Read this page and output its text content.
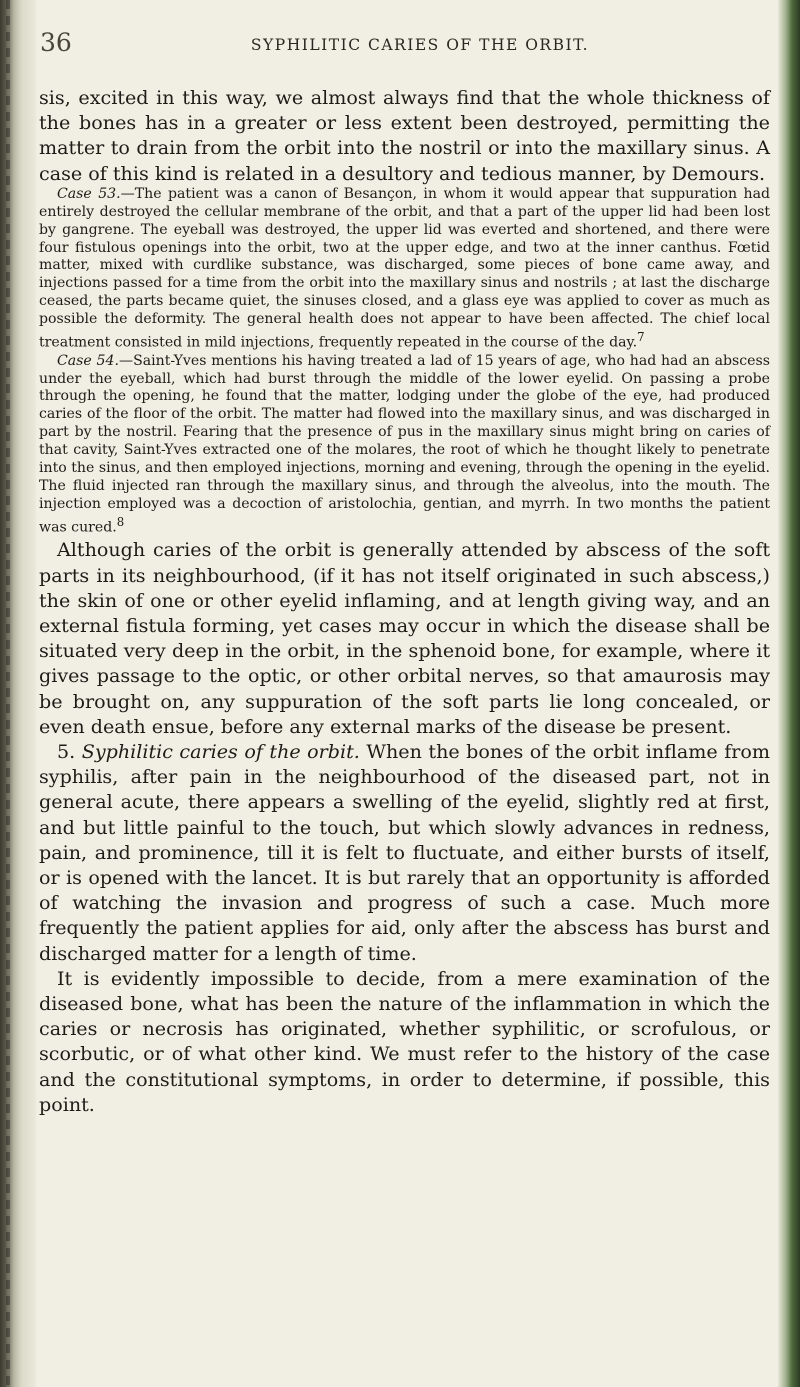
36	SYPHILITIC CARIES OF THE ORBIT.

sis, excited in this way, we almost always find that the whole thickness of the bones has in a greater or less extent been destroyed, permitting the matter to drain from the orbit into the nostril or into the maxillary sinus. A case of this kind is related in a desultory and tedious manner, by Demours.

Case 53.—The patient was a canon of Besançon, in whom it would appear that suppuration had entirely destroyed the cellular membrane of the orbit, and that a part of the upper lid had been lost by gangrene. The eyeball was destroyed, the upper lid was everted and shortened, and there were four fistulous openings into the orbit, two at the upper edge, and two at the inner canthus. Fœtid matter, mixed with curdlike substance, was discharged, some pieces of bone came away, and injections passed for a time from the orbit into the maxillary sinus and nostrils ; at last the discharge ceased, the parts became quiet, the sinuses closed, and a glass eye was applied to cover as much as possible the deformity. The general health does not appear to have been affected. The chief local treatment consisted in mild injections, frequently repeated in the course of the day.$^7$

Case 54.—Saint-Yves mentions his having treated a lad of 15 years of age, who had had an abscess under the eyeball, which had burst through the middle of the lower eyelid. On passing a probe through the opening, he found that the matter, lodging under the globe of the eye, had produced caries of the floor of the orbit. The matter had flowed into the maxillary sinus, and was discharged in part by the nostril. Fearing that the presence of pus in the maxillary sinus might bring on caries of that cavity, Saint-Yves extracted one of the molares, the root of which he thought likely to penetrate into the sinus, and then employed injections, morning and evening, through the opening in the eyelid. The fluid injected ran through the maxillary sinus, and through the alveolus, into the mouth. The injection employed was a decoction of aristolochia, gentian, and myrrh. In two months the patient was cured.$^8$

Although caries of the orbit is generally attended by abscess of the soft parts in its neighbourhood, (if it has not itself originated in such abscess,) the skin of one or other eyelid inflaming, and at length giving way, and an external fistula forming, yet cases may occur in which the disease shall be situated very deep in the orbit, in the sphenoid bone, for example, where it gives passage to the optic, or other orbital nerves, so that amaurosis may be brought on, any suppuration of the soft parts lie long concealed, or even death ensue, before any external marks of the disease be present.

5. Syphilitic caries of the orbit. When the bones of the orbit inflame from syphilis, after pain in the neighbourhood of the diseased part, not in general acute, there appears a swelling of the eyelid, slightly red at first, and but little painful to the touch, but which slowly advances in redness, pain, and prominence, till it is felt to fluctuate, and either bursts of itself, or is opened with the lancet. It is but rarely that an opportunity is afforded of watching the invasion and progress of such a case. Much more frequently the patient applies for aid, only after the abscess has burst and discharged matter for a length of time.

It is evidently impossible to decide, from a mere examination of the diseased bone, what has been the nature of the inflammation in which the caries or necrosis has originated, whether syphilitic, or scrofulous, or scorbutic, or of what other kind. We must refer to the history of the case and the constitutional symptoms, in order to determine, if possible, this point.
